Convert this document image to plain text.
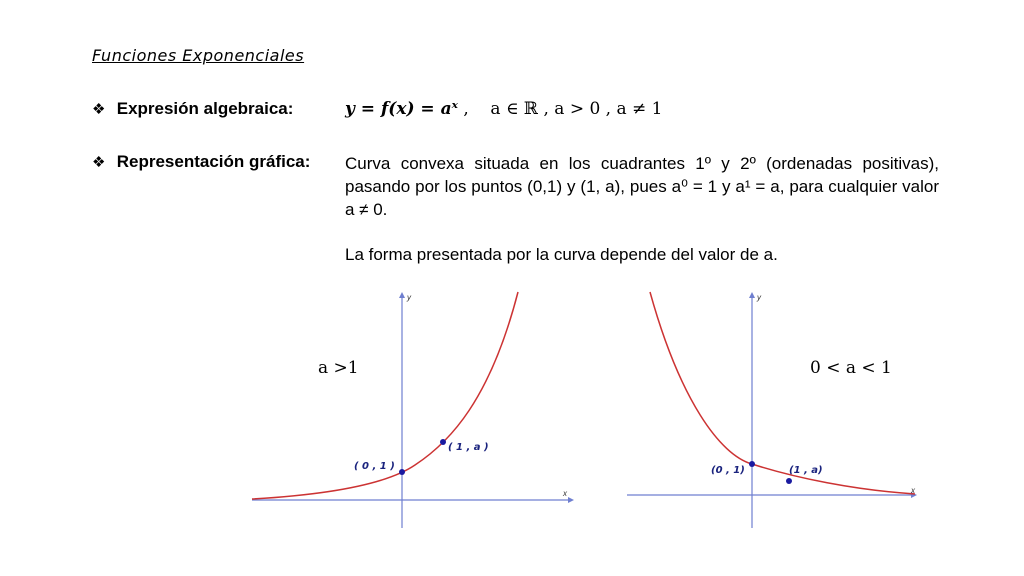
Funciones Exponenciales
❖ Expresión algebraica:	y = f(x) = aˣ ,    a ∈ ℝ , a > 0 , a ≠ 1
❖ Representación gráfica: Curva convexa situada en los cuadrantes 1º y 2º (ordenadas positivas), pasando por los puntos (0,1) y (1, a), pues a⁰ = 1 y a¹ = a, para cualquier valor a ≠ 0.
La forma presentada por la curva depende del valor de a.
x
y
( 0 , 1 )
( 1 , a )
a >1
x
y
(0 , 1)	(1 , a)
0 < a < 1
